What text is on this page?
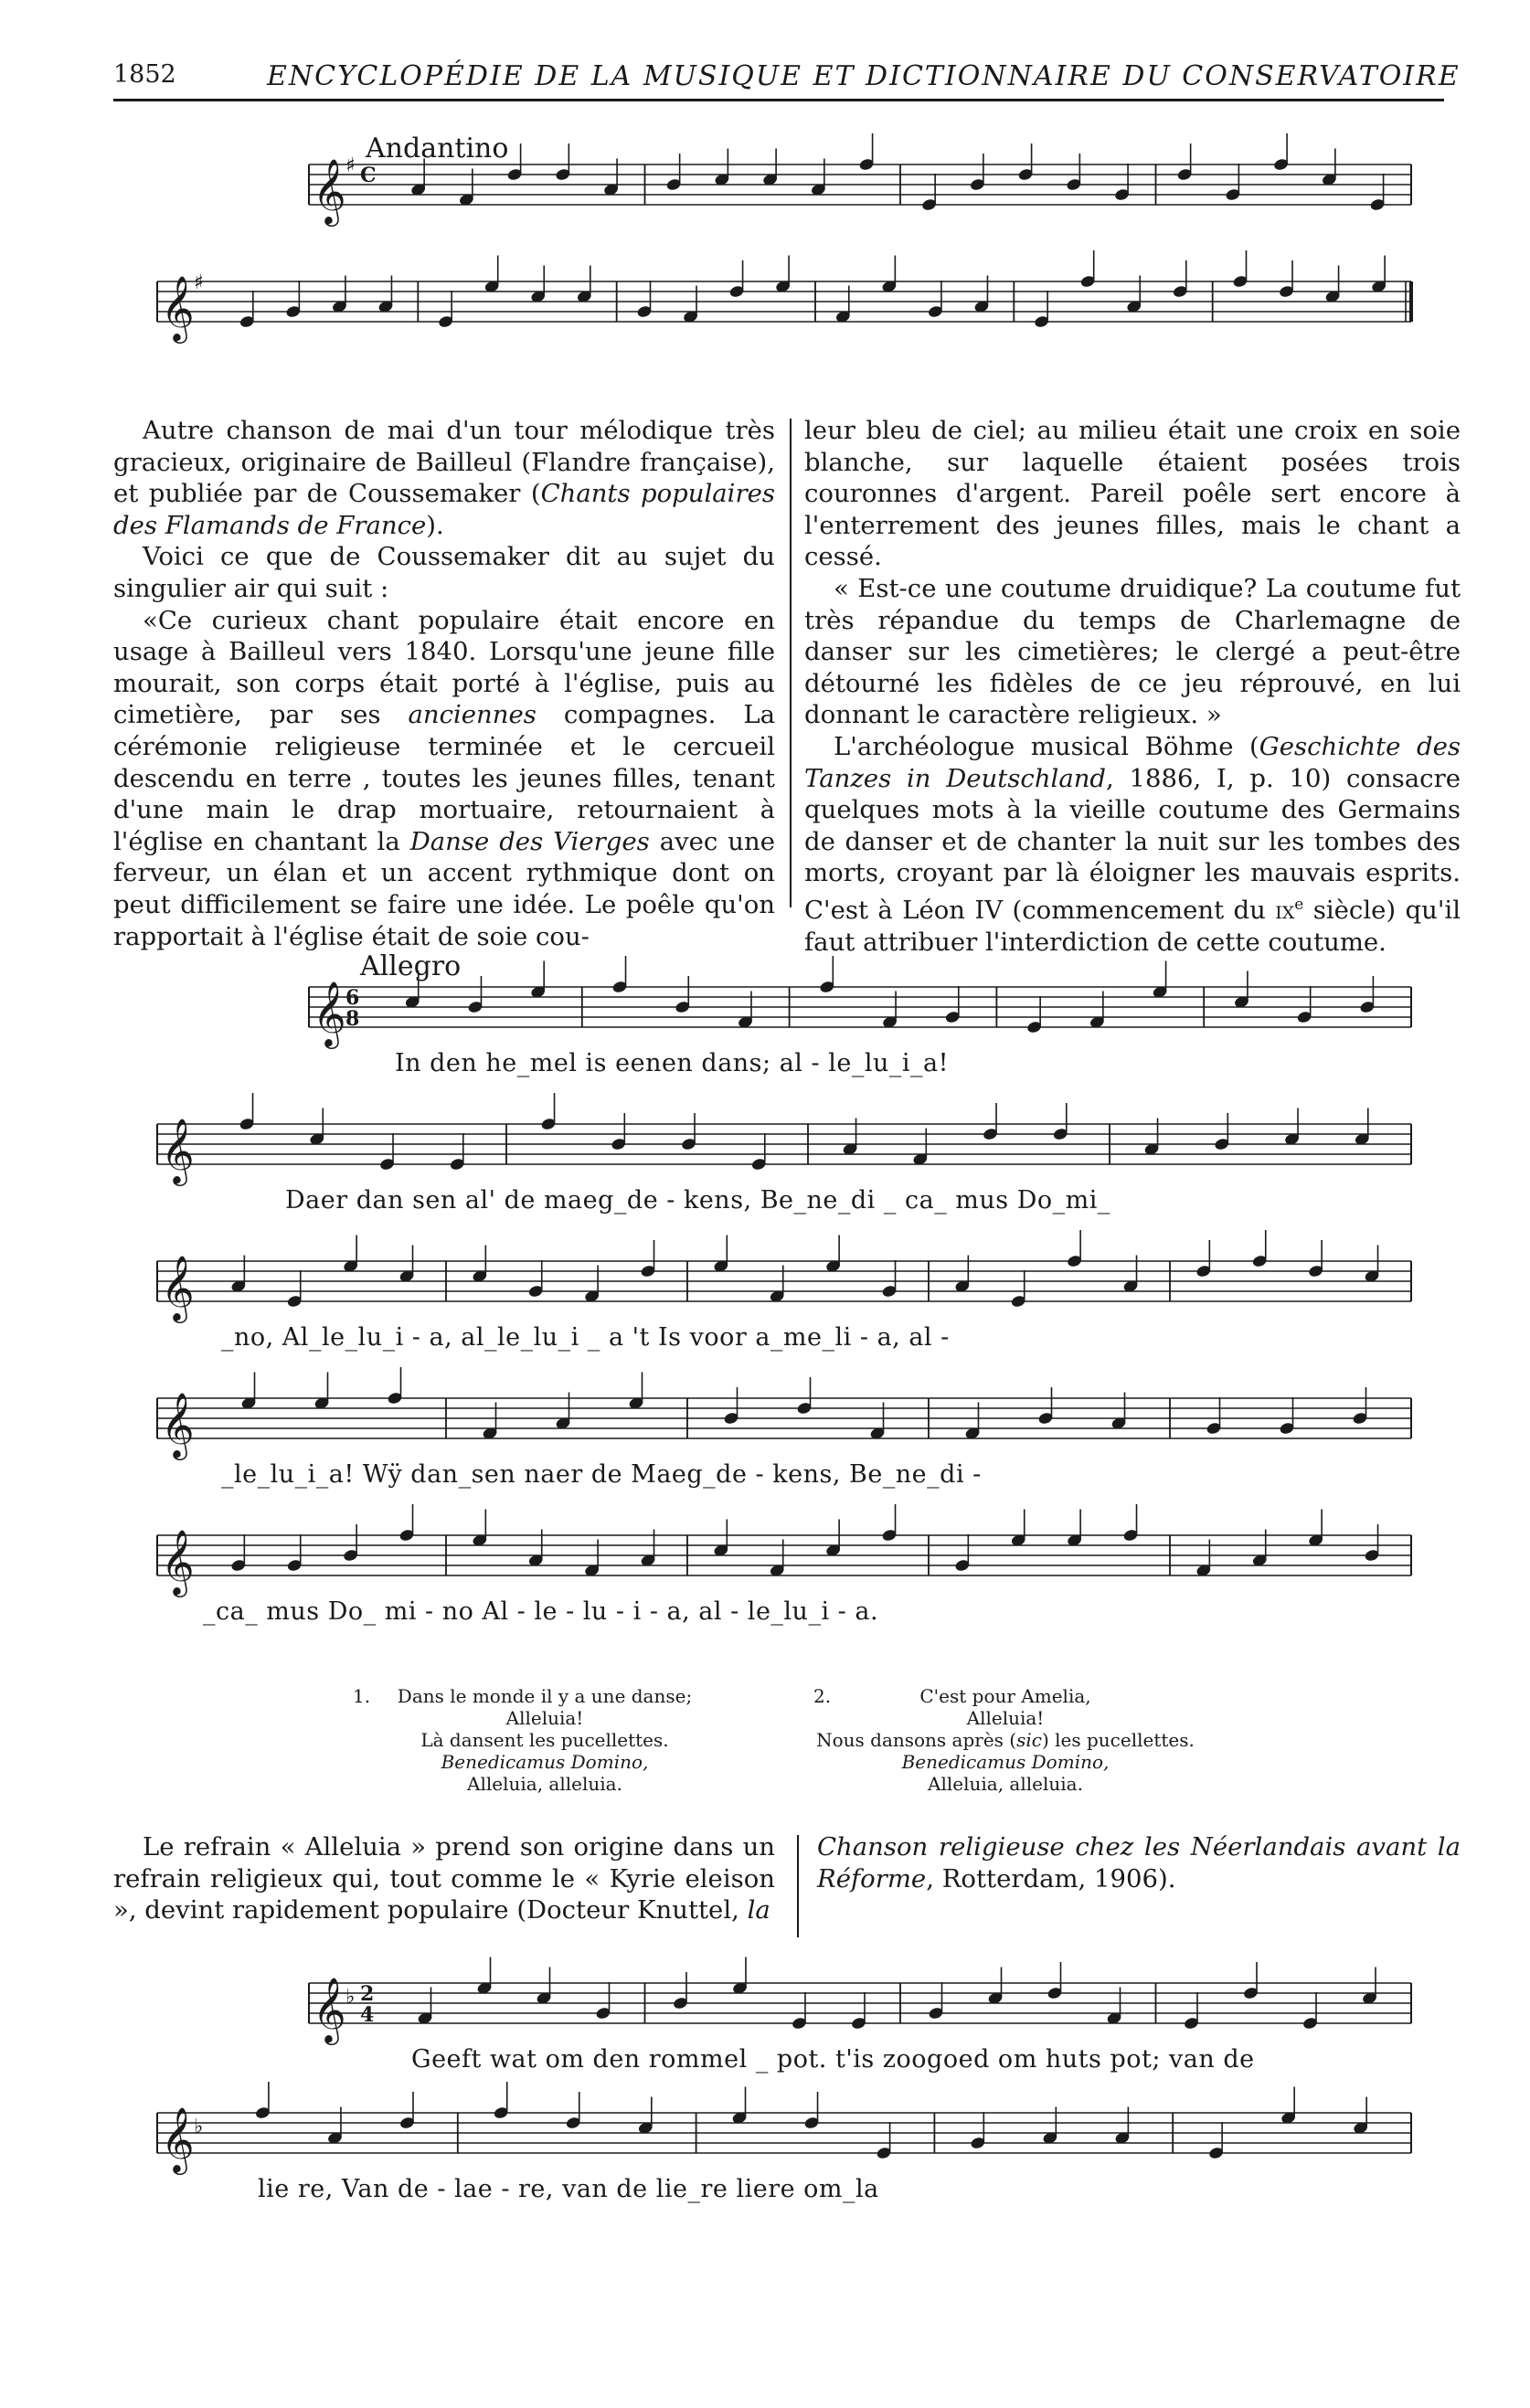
1852	ENCYCLOPÉDIE DE LA MUSIQUE ET DICTIONNAIRE DU CONSERVATOIRE
Andantino
𝄞 ♯ C
𝄞 ♯

Autre chanson de mai d'un tour mélodique très gracieux, originaire de Bailleul (Flandre française), et publiée par de Coussemaker (Chants populaires des Flamands de France).

Voici ce que de Coussemaker dit au sujet du singulier air qui suit :

«Ce curieux chant populaire était encore en usage à Bailleul vers 1840. Lorsqu'une jeune fille mourait, son corps était porté à l'église, puis au cimetière, par ses anciennes compagnes. La cérémonie religieuse terminée et le cercueil descendu en terre , toutes les jeunes filles, tenant d'une main le drap mortuaire, retournaient à l'église en chantant la Danse des Vierges avec une ferveur, un élan et un accent rythmique dont on peut difficilement se faire une idée. Le poêle qu'on rapportait à l'église était de soie cou-

leur bleu de ciel; au milieu était une croix en soie blanche, sur laquelle étaient posées trois couronnes d'argent. Pareil poêle sert encore à l'enterrement des jeunes filles, mais le chant a cessé.

« Est-ce une coutume druidique? La coutume fut très répandue du temps de Charlemagne de danser sur les cimetières; le clergé a peut-être détourné les fidèles de ce jeu réprouvé, en lui donnant le caractère religieux. »

L'archéologue musical Böhme (Geschichte des Tanzes in Deutschland, 1886, I, p. 10) consacre quelques mots à la vieille coutume des Germains de danser et de chanter la nuit sur les tombes des morts, croyant par là éloigner les mauvais esprits. C'est à Léon IV (commencement du $ix^e$ siècle) qu'il faut attribuer l'interdiction de cette coutume.

Allegro
𝄞 6
8
𝄞
𝄞
𝄞
𝄞
In den he_mel is eenen dans; al - le_lu_i_a!
Daer dan sen al' de maeg_de - kens, Be_ne_di _ ca_ mus Do_mi_
_no, Al_le_lu_i - a, al_le_lu_i _ a 't Is voor a_me_li - a, al -
_le_lu_i_a! Wÿ dan_sen naer de Maeg_de - kens, Be_ne_di -
_ca_ mus Do_ mi - no Al - le - lu - i - a, al - le_lu_i - a.
1.	Dans le monde il y a une danse;
Alleluia!
Là dansent les pucellettes.
Benedicamus Domino,
Alleluia, alleluia.
2.	C'est pour Amelia,
Alleluia!
Nous dansons après (sic) les pucellettes.
Benedicamus Domino,
Alleluia, alleluia.

Le refrain « Alleluia » prend son origine dans un refrain religieux qui, tout comme le « Kyrie eleison », devint rapidement populaire (Docteur Knuttel, la

Chanson religieuse chez les Néerlandais avant la Réforme, Rotterdam, 1906).

𝄞 ♭ 2
4
𝄞 ♭
Geeft wat om den rommel _ pot. t'is zoogoed om huts pot; van de
lie re, Van de - lae - re, van de lie_re liere om_la
